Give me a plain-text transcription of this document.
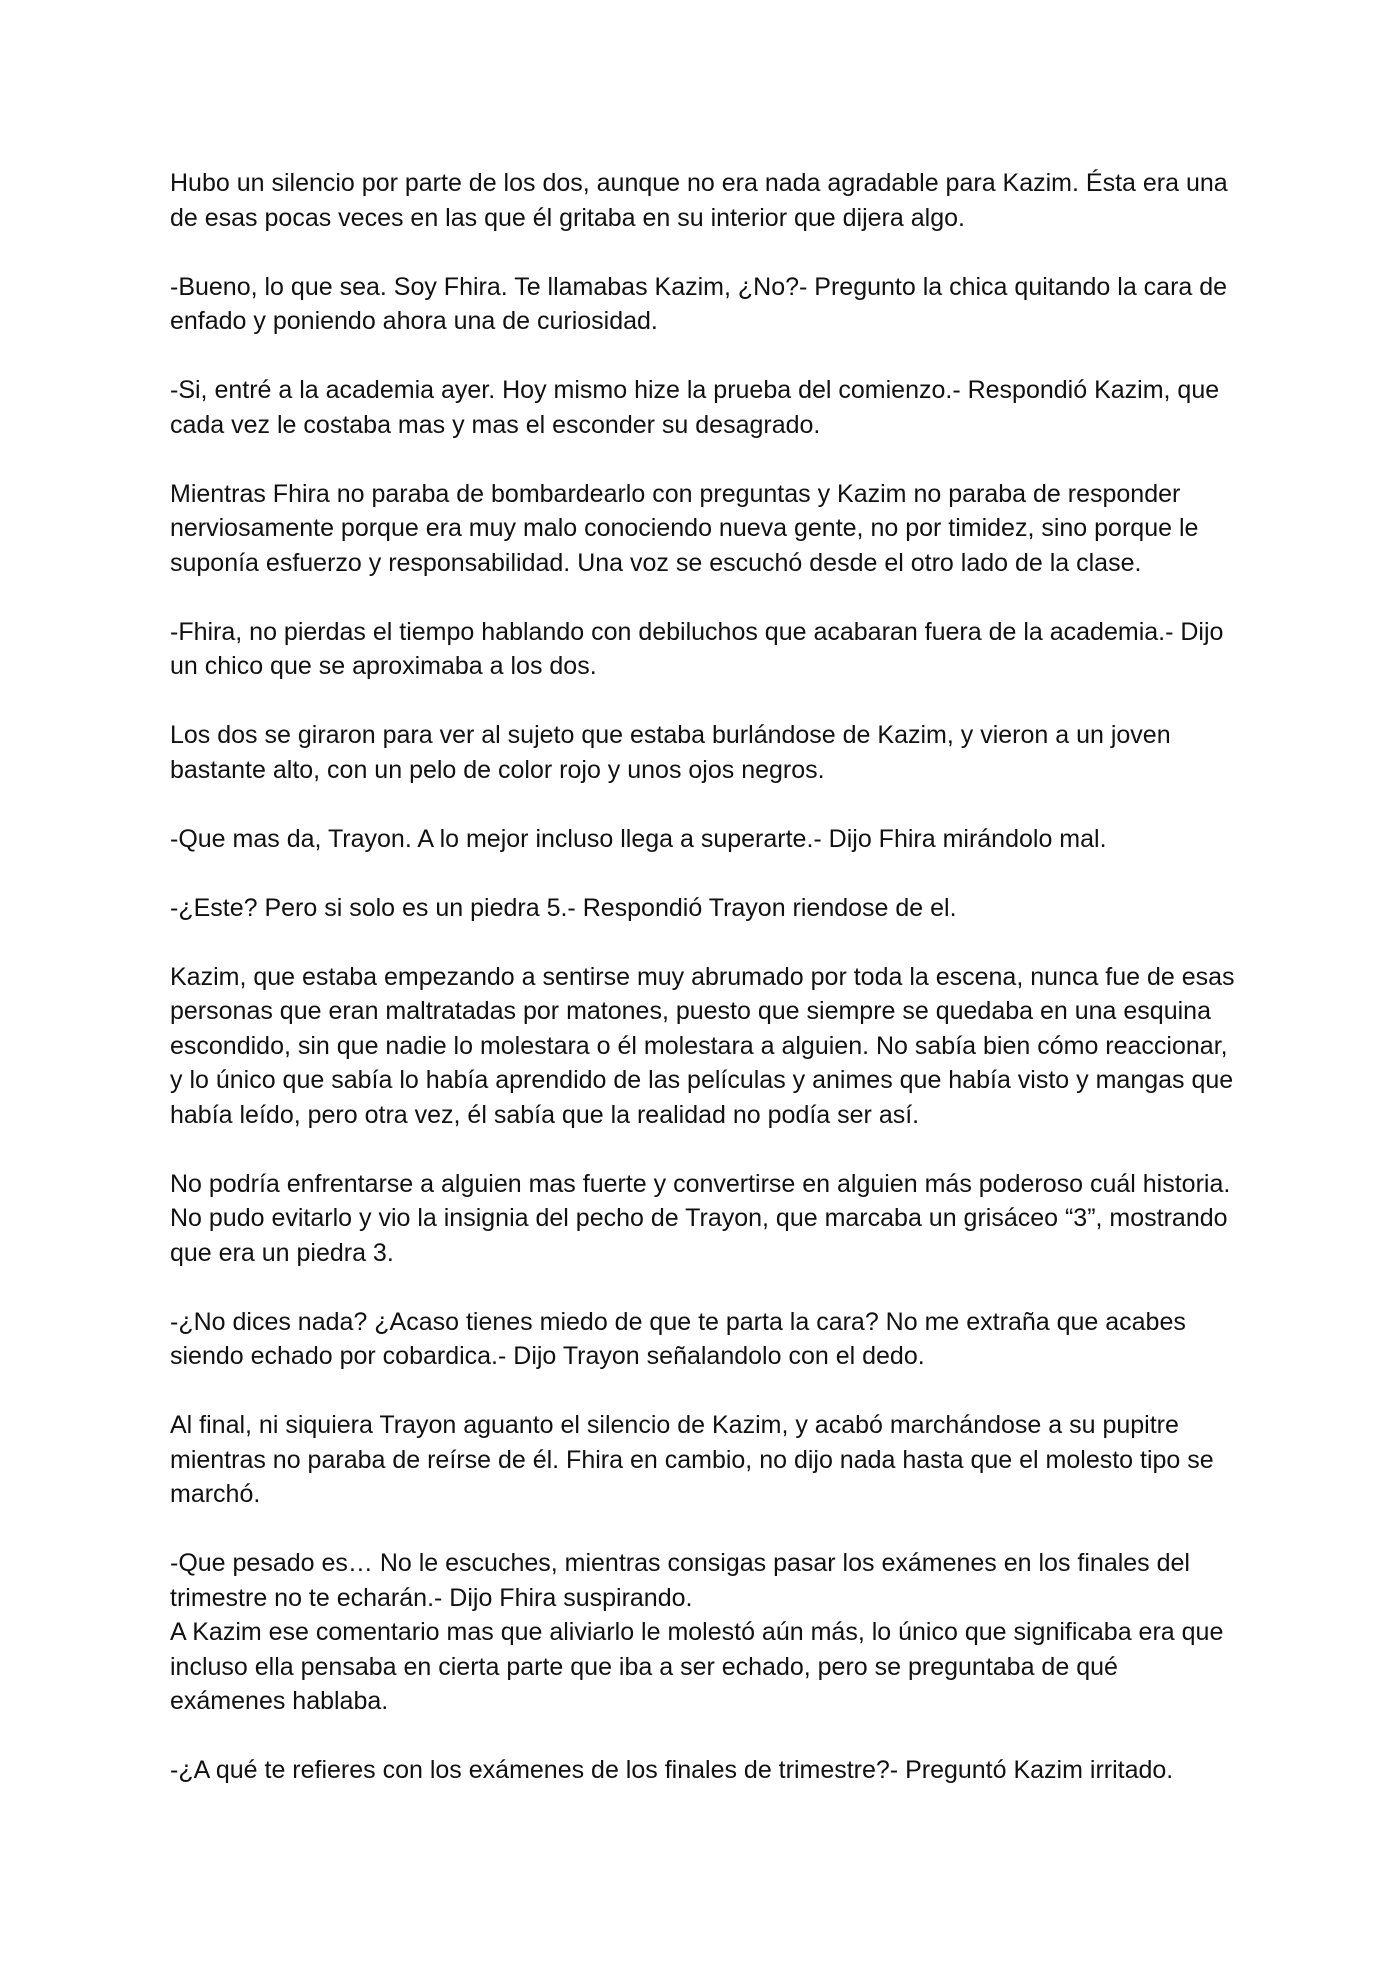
Hubo un silencio por parte de los dos, aunque no era nada agradable para Kazim. Ésta era una de esas pocas veces en las que él gritaba en su interior que dijera algo.

-Bueno, lo que sea. Soy Fhira. Te llamabas Kazim, ¿No?- Pregunto la chica quitando la cara de enfado y poniendo ahora una de curiosidad.

-Si, entré a la academia ayer. Hoy mismo hize la prueba del comienzo.- Respondió Kazim, que cada vez le costaba mas y mas el esconder su desagrado.

Mientras Fhira no paraba de bombardearlo con preguntas y Kazim no paraba de responder nerviosamente porque era muy malo conociendo nueva gente, no por timidez, sino porque le suponía esfuerzo y responsabilidad. Una voz se escuchó desde el otro lado de la clase.

-Fhira, no pierdas el tiempo hablando con debiluchos que acabaran fuera de la academia.- Dijo un chico que se aproximaba a los dos.

Los dos se giraron para ver al sujeto que estaba burlándose de Kazim, y vieron a un joven bastante alto, con un pelo de color rojo y unos ojos negros.

-Que mas da, Trayon. A lo mejor incluso llega a superarte.- Dijo Fhira mirándolo mal.

-¿Este? Pero si solo es un piedra 5.- Respondió Trayon riendose de el.

Kazim, que estaba empezando a sentirse muy abrumado por toda la escena, nunca fue de esas personas que eran maltratadas por matones, puesto que siempre se quedaba en una esquina escondido, sin que nadie lo molestara o él molestara a alguien. No sabía bien cómo reaccionar, y lo único que sabía lo había aprendido de las películas y animes que había visto y mangas que había leído, pero otra vez, él sabía que la realidad no podía ser así.

No podría enfrentarse a alguien mas fuerte y convertirse en alguien más poderoso cuál historia. No pudo evitarlo y vio la insignia del pecho de Trayon, que marcaba un grisáceo “3”, mostrando que era un piedra 3.

-¿No dices nada? ¿Acaso tienes miedo de que te parta la cara? No me extraña que acabes siendo echado por cobardica.- Dijo Trayon señalandolo con el dedo.

Al final, ni siquiera Trayon aguanto el silencio de Kazim, y acabó marchándose a su pupitre mientras no paraba de reírse de él. Fhira en cambio, no dijo nada hasta que el molesto tipo se marchó.

-Que pesado es… No le escuches, mientras consigas pasar los exámenes en los finales del trimestre no te echarán.- Dijo Fhira suspirando.

A Kazim ese comentario mas que aliviarlo le molestó aún más, lo único que significaba era que incluso ella pensaba en cierta parte que iba a ser echado, pero se preguntaba de qué exámenes hablaba.

-¿A qué te refieres con los exámenes de los finales de trimestre?- Preguntó Kazim irritado.
